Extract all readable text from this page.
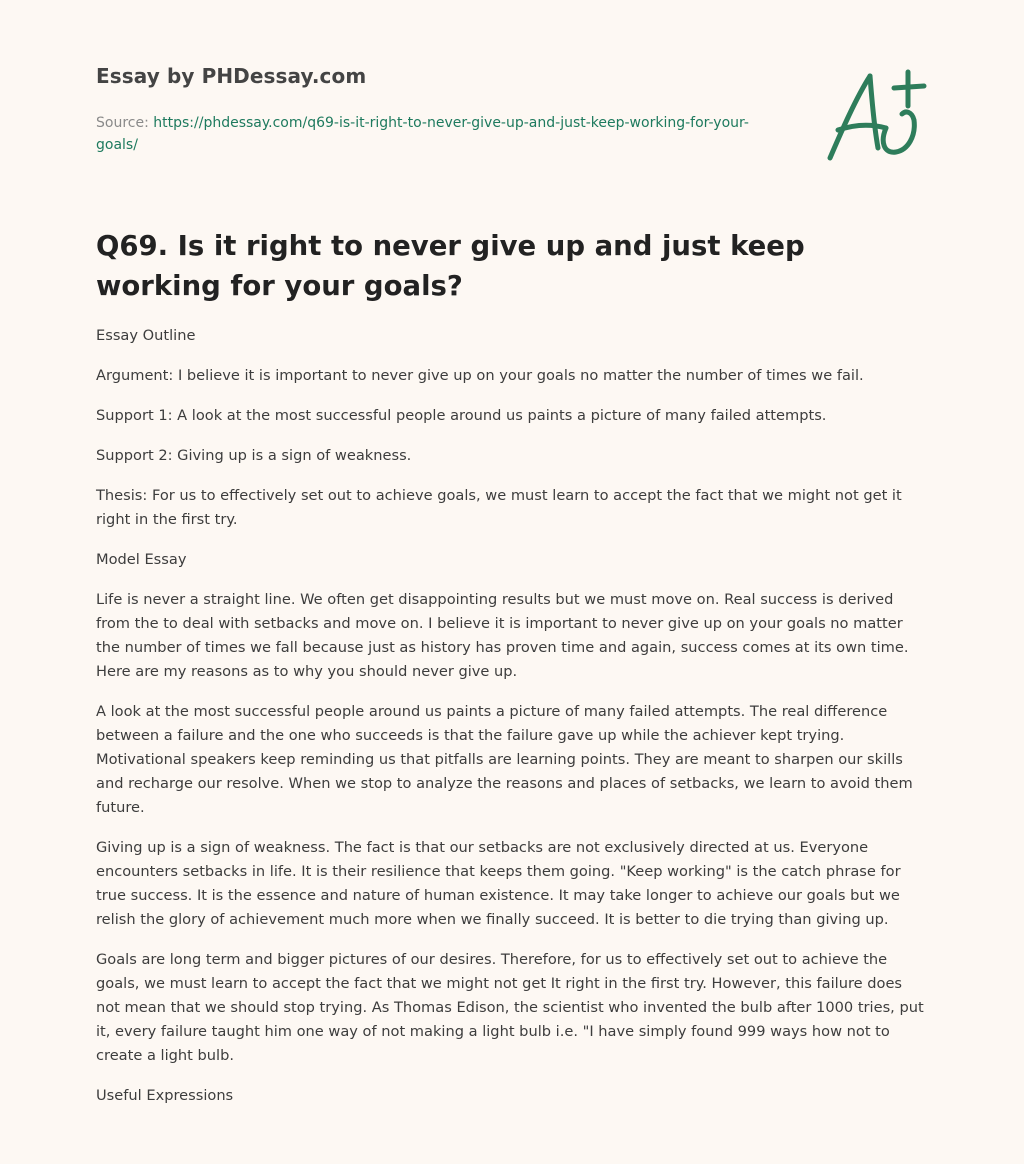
Essay by PHDessay.com
Source: https://phdessay.com/q69-is-it-right-to-never-give-up-and-just-keep-working-for-your-goals/
Q69. Is it right to never give up and just keep working for your goals?

Essay Outline

Argument: I believe it is important to never give up on your goals no matter the number of times we fail.

Support 1: A look at the most successful people around us paints a picture of many failed attempts.

Support 2: Giving up is a sign of weakness.

Thesis: For us to effectively set out to achieve goals, we must learn to accept the fact that we might not get it right in the first try.

Model Essay

Life is never a straight line. We often get disappointing results but we must move on. Real success is derived from the to deal with setbacks and move on. I believe it is important to never give up on your goals no matter the number of times we fall because just as history has proven time and again, success comes at its own time. Here are my reasons as to why you should never give up.

A look at the most successful people around us paints a picture of many failed attempts. The real difference between a failure and the one who succeeds is that the failure gave up while the achiever kept trying. Motivational speakers keep reminding us that pitfalls are learning points. They are meant to sharpen our skills and recharge our resolve. When we stop to analyze the reasons and places of setbacks, we learn to avoid them future.

Giving up is a sign of weakness. The fact is that our setbacks are not exclusively directed at us. Everyone encounters setbacks in life. It is their resilience that keeps them going. "Keep working" is the catch phrase for true success. It is the essence and nature of human existence. It may take longer to achieve our goals but we relish the glory of achievement much more when we finally succeed. It is better to die trying than giving up.

Goals are long term and bigger pictures of our desires. Therefore, for us to effectively set out to achieve the goals, we must learn to accept the fact that we might not get It right in the first try. However, this failure does not mean that we should stop trying. As Thomas Edison, the scientist who invented the bulb after 1000 tries, put it, every failure taught him one way of not making a light bulb i.e. "I have simply found 999 ways how not to create a light bulb.

Useful Expressions
